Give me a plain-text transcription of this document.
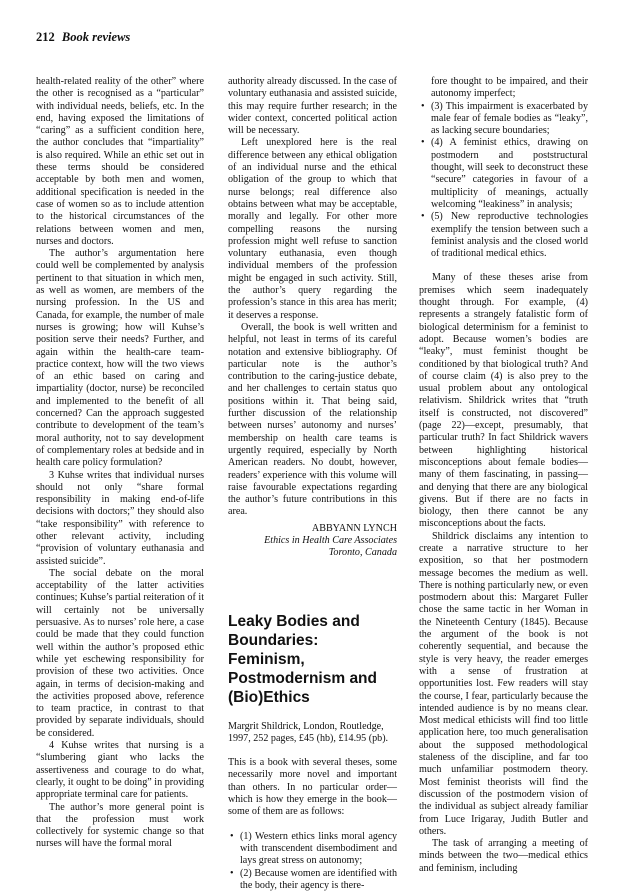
212 Book reviews

health-related reality of the other” where the other is recognised as a “particular” with individual needs, beliefs, etc. In the end, having exposed the limitations of “caring” as a sufficient condition here, the author concludes that “impartiality” is also required. While an ethic set out in these terms should be considered acceptable by both men and women, additional specification is needed in the case of women so as to include attention to the historical circumstances of the relations between women and men, nurses and doctors.

The author’s argumentation here could well be complemented by analysis pertinent to that situation in which men, as well as women, are members of the nursing profession. In the US and Canada, for example, the number of male nurses is growing; how will Kuhse’s position serve their needs? Further, and again within the health-care team-practice context, how will the two views of an ethic based on caring and impartiality (doctor, nurse) be reconciled and implemented to the benefit of all concerned? Can the approach suggested contribute to development of the team’s moral authority, not to say development of complementary roles at bedside and in health care policy formulation?

3 Kuhse writes that individual nurses should not only “share formal responsibility in making end-of-life decisions with doctors;” they should also “take responsibility” with reference to other relevant activity, including “provision of voluntary euthanasia and assisted suicide”.

The social debate on the moral acceptability of the latter activities continues; Kuhse’s partial reiteration of it will certainly not be universally persuasive. As to nurses’ role here, a case could be made that they could function well within the author’s proposed ethic while yet eschewing responsibility for provision of these two activities. Once again, in terms of decision-making and the activities proposed above, reference to team practice, in contrast to that provided by separate individuals, should be considered.

4 Kuhse writes that nursing is a “slumbering giant who lacks the assertiveness and courage to do what, clearly, it ought to be doing” in providing appropriate terminal care for patients.

The author’s more general point is that the profession must work collectively for systemic change so that nurses will have the formal moral

authority already discussed. In the case of voluntary euthanasia and assisted suicide, this may require further research; in the wider context, concerted political action will be necessary.

Left unexplored here is the real difference between any ethical obligation of an individual nurse and the ethical obligation of the group to which that nurse belongs; real difference also obtains between what may be acceptable, morally and legally. For other more compelling reasons the nursing profession might well refuse to sanction voluntary euthanasia, even though individual members of the profession might be engaged in such activity. Still, the author’s query regarding the profession’s stance in this area has merit; it deserves a response.

Overall, the book is well written and helpful, not least in terms of its careful notation and extensive bibliography. Of particular note is the author’s contribution to the caring-justice debate, and her challenges to certain status quo positions within it. That being said, further discussion of the relationship between nurses’ autonomy and nurses’ membership on health care teams is urgently required, especially by North American readers. No doubt, however, readers’ experience with this volume will raise favourable expectations regarding the author’s future contributions in this area.

ABBYANN LYNCH
Ethics in Health Care Associates
Toronto, Canada
Leaky Bodies and Boundaries: Feminism, Postmodernism and (Bio)Ethics

Margrit Shildrick, London, Routledge, 1997, 252 pages, £45 (hb), £14.95 (pb).

This is a book with several theses, some necessarily more novel and important than others. In no particular order—which is how they emerge in the book—some of them are as follows:

• (1) Western ethics links moral agency with transcendent disembodiment and lays great stress on autonomy;
• (2) Because women are identified with the body, their agency is there-
fore thought to be impaired, and their autonomy imperfect;
• (3) This impairment is exacerbated by male fear of female bodies as “leaky”, as lacking secure boundaries;
• (4) A feminist ethics, drawing on postmodern and poststructural thought, will seek to deconstruct these “secure” categories in favour of a multiplicity of meanings, actually welcoming “leakiness” in analysis;
• (5) New reproductive technologies exemplify the tension between such a feminist analysis and the closed world of traditional medical ethics.

Many of these theses arise from premises which seem inadequately thought through. For example, (4) represents a strangely fatalistic form of biological determinism for a feminist to adopt. Because women’s bodies are “leaky”, must feminist thought be conditioned by that biological truth? And of course claim (4) is also prey to the usual problem about any ontological relativism. Shildrick writes that “truth itself is constructed, not discovered” (page 22)—except, presumably, that particular truth? In fact Shildrick wavers between highlighting historical misconceptions about female bodies—many of them fascinating, in passing—and denying that there are any biological givens. But if there are no facts in biology, then there cannot be any misconceptions about the facts.

Shildrick disclaims any intention to create a narrative structure to her exposition, so that her postmodern message becomes the medium as well. There is nothing particularly new, or even postmodern about this: Margaret Fuller chose the same tactic in her Woman in the Nineteenth Century (1845). Because the argument of the book is not coherently sequential, and because the style is very heavy, the reader emerges with a sense of frustration at opportunities lost. Few readers will stay the course, I fear, particularly because the intended audience is by no means clear. Most medical ethicists will find too little application here, too much generalisation about the supposed methodological staleness of the discipline, and far too much unfamiliar postmodern theory. Most feminist theorists will find the discussion of the postmodern vision of the individual as subject already familiar from Luce Irigaray, Judith Butler and others.

The task of arranging a meeting of minds between the two—medical ethics and feminism, including
